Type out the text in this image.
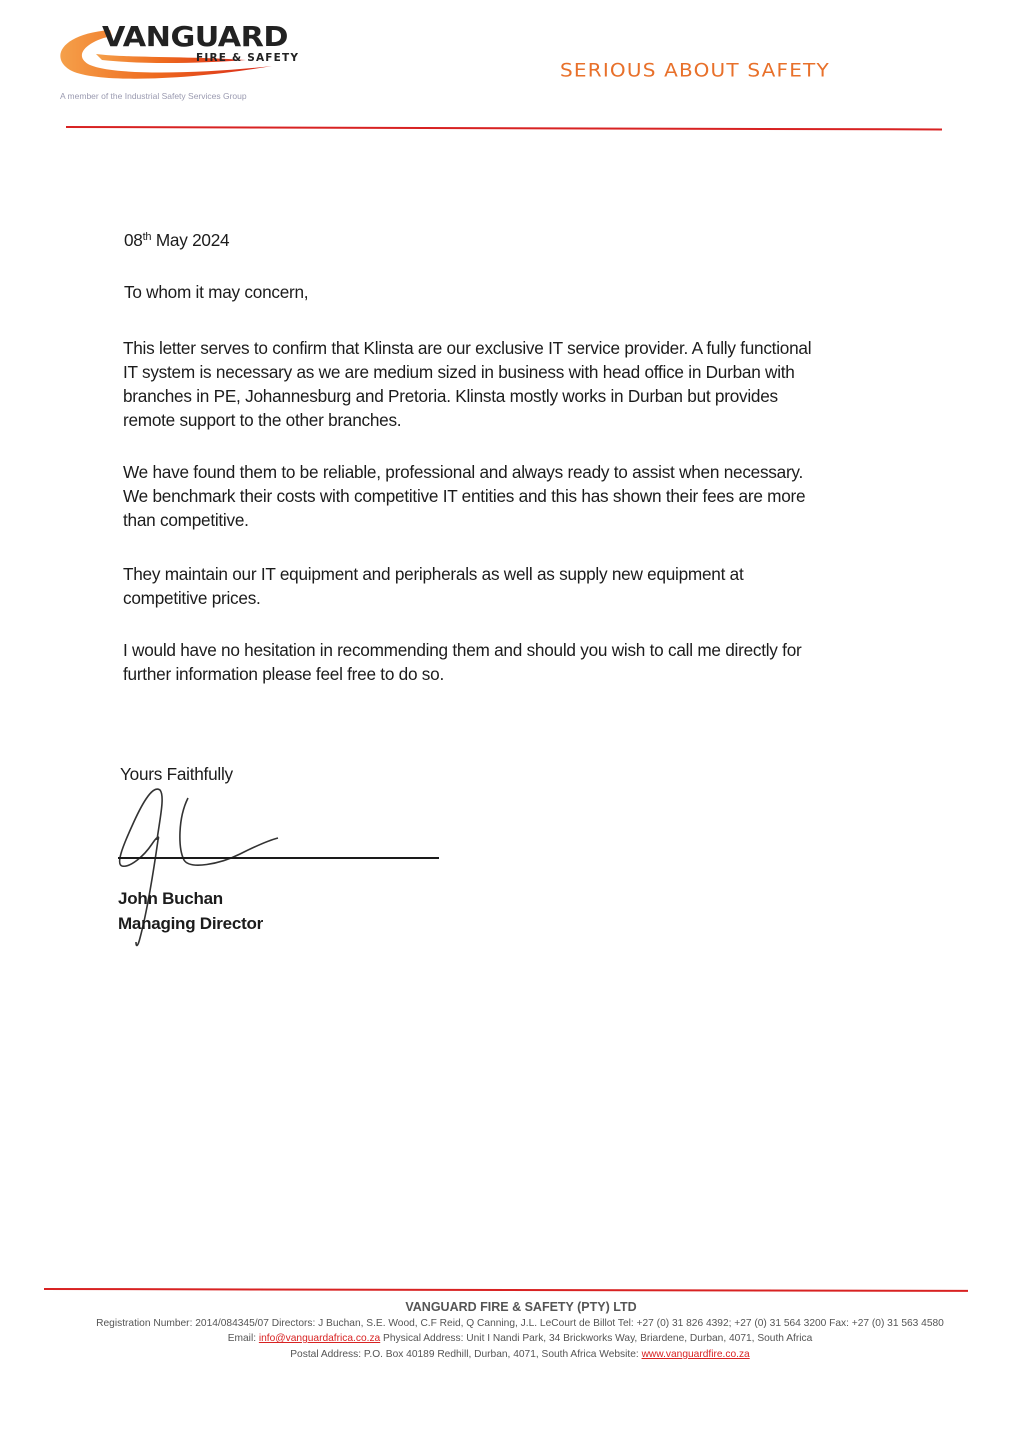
VANGUARD
FIRE & SAFETY
A member of the Industrial Safety Services Group
SERIOUS ABOUT SAFETY
08th May 2024
To whom it may concern,
This letter serves to confirm that Klinsta are our exclusive IT service provider. A fully functional
IT system is necessary as we are medium sized in business with head office in Durban with
branches in PE, Johannesburg and Pretoria. Klinsta mostly works in Durban but provides
remote support to the other branches.
We have found them to be reliable, professional and always ready to assist when necessary.
We benchmark their costs with competitive IT entities and this has shown their fees are more
than competitive.
They maintain our IT equipment and peripherals as well as supply new equipment at
competitive prices.
I would have no hesitation in recommending them and should you wish to call me directly for
further information please feel free to do so.
Yours Faithfully
John Buchan
Managing Director
VANGUARD FIRE & SAFETY (PTY) LTD
Registration Number: 2014/084345/07 Directors: J Buchan, S.E. Wood, C.F Reid, Q Canning, J.L. LeCourt de Billot Tel: +27 (0) 31 826 4392; +27 (0) 31 564 3200 Fax: +27 (0) 31 563 4580
Email: info@vanguardafrica.co.za Physical Address: Unit I Nandi Park, 34 Brickworks Way, Briardene, Durban, 4071, South Africa
Postal Address: P.O. Box 40189 Redhill, Durban, 4071, South Africa Website: www.vanguardfire.co.za
